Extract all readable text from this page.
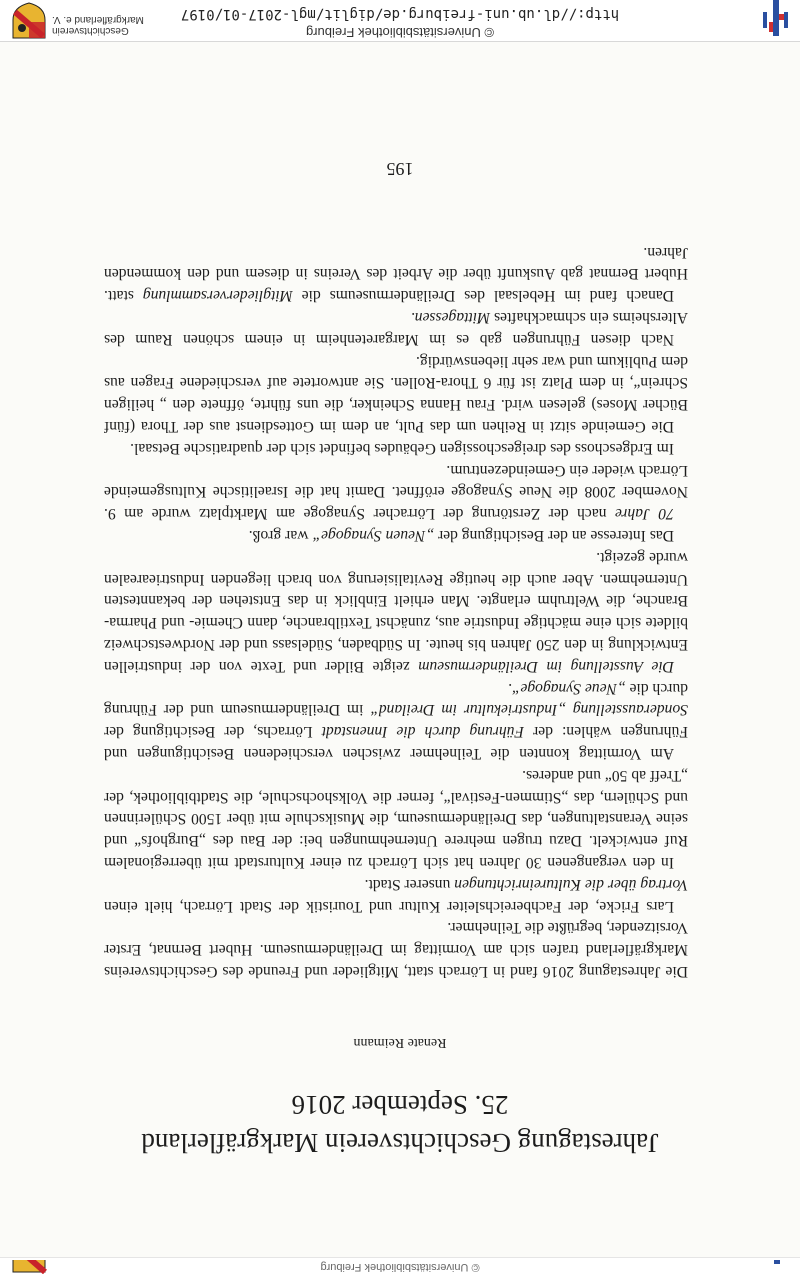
© Universitätsbibliothek Freiburg
Jahrestagung Geschichtsverein Markgräflerland
25. September 2016
Renate Reimann

Die Jahrestagung 2016 fand in Lörrach statt, Mitglieder und Freunde des Geschichtsvereins Markgräflerland trafen sich am Vormittag im Dreiländermuseum. Hubert Bernnat, Erster Vorsitzender, begrüßte die Teilnehmer.

Lars Fricke, der Fachbereichsleiter Kultur und Touristik der Stadt Lörrach, hielt einen Vortrag über die Kultureinrichtungen unserer Stadt.

In den vergangenen 30 Jahren hat sich Lörrach zu einer Kulturstadt mit überregionalem Ruf entwickelt. Dazu trugen mehrere Unternehmungen bei: der Bau des „Burghofs“ und seine Veranstaltungen, das Dreiländermuseum, die Musikschule mit über 1500 Schülerinnen und Schülern, das „Stimmen-Festival“, ferner die Volkshochschule, die Stadtbibliothek, der „Treff ab 50“ und anderes.

Am Vormittag konnten die Teilnehmer zwischen verschiedenen Besichtigungen und Führungen wählen: der Führung durch die Innenstadt Lörrachs, der Besichtigung der Sonderausstellung „Industriekultur im Dreiland“ im Dreiländermuseum und der Führung durch die „Neue Synagoge“.

Die Ausstellung im Dreiländermuseum zeigte Bilder und Texte von der industriellen Entwicklung in den 250 Jahren bis heute. In Südbaden, Südelsass und der Nordwestschweiz bildete sich eine mächtige Industrie aus, zunächst Textilbranche, dann Chemie- und Pharma- Branche, die Weltruhm erlangte. Man erhielt Einblick in das Entstehen der bekanntesten Unternehmen. Aber auch die heutige Revitalisierung von brach liegenden Industriearealen wurde gezeigt.

Das Interesse an der Besichtigung der „Neuen Synagoge“ war groß.

70 Jahre nach der Zerstörung der Lörracher Synagoge am Marktplatz wurde am 9. November 2008 die Neue Synagoge eröffnet. Damit hat die Israelitische Kultusgemeinde Lörrach wieder ein Gemeindezentrum.

Im Erdgeschoss des dreigeschossigen Gebäudes befindet sich der quadratische Betsaal.

Die Gemeinde sitzt in Reihen um das Pult, an dem im Gottesdienst aus der Thora (fünf Bücher Moses) gelesen wird. Frau Hanna Scheinker, die uns führte, öffnete den „ heiligen Schrein“, in dem Platz ist für 6 Thora-Rollen. Sie antwortete auf verschiedene Fragen aus dem Publikum und war sehr liebenswürdig.

Nach diesen Führungen gab es im Margaretenheim in einem schönen Raum des Altersheims ein schmackhaftes Mittagessen.

Danach fand im Hebelsaal des Dreiländermuseums die Mitgliederversammlung statt. Hubert Bernnat gab Auskunft über die Arbeit des Vereins in diesem und den kommenden Jahren.

195
© Universitätsbibliothek Freiburg
http://dl.ub.uni-freiburg.de/diglit/mgl-2017-01/0197
Geschichtsverein Markgräflerland e. V.
